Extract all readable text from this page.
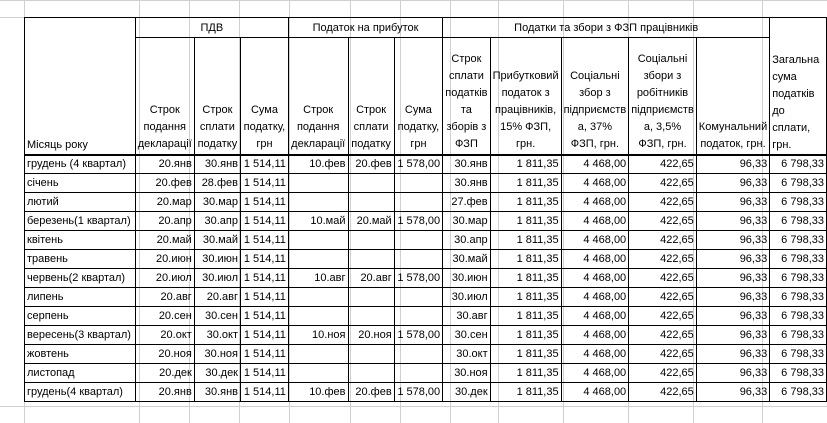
Місяць року	ПДВ			Податок на прибуток			Податки та збори з ФЗП працівників					Загальна сума податків до сплати, грн.
	Строк подання декларації	Строк сплати податку	Сума податку, грн	Строк подання декларації	Строк сплати податку	Сума податку, грн	Строк сплати податків та зборів з ФЗП	Прибутковий податок з працівників, 15% ФЗП, грн.	Соціальні збор з підприємств а, 37% ФЗП, грн.	Соціальні збори з робітників підприємств а, 3,5% ФЗП, грн.	Комунальний податок, грн.	
грудень (4 квартал)	20.янв	30.янв	1 514,11	10.фев	20.фев	1 578,00	30.янв	1 811,35	4 468,00	422,65	96,33	6 798,33
січень	20.фев	28.фев	1 514,11				30.янв	1 811,35	4 468,00	422,65	96,33	6 798,33
лютий	20.мар	30.мар	1 514,11				27.фев	1 811,35	4 468,00	422,65	96,33	6 798,33
березень(1 квартал)	20.апр	30.апр	1 514,11	10.май	20.май	1 578,00	30.мар	1 811,35	4 468,00	422,65	96,33	6 798,33
квітень	20.май	30.май	1 514,11				30.апр	1 811,35	4 468,00	422,65	96,33	6 798,33
травень	20.июн	30.июн	1 514,11				30.май	1 811,35	4 468,00	422,65	96,33	6 798,33
червень(2 квартал)	20.июл	30.июл	1 514,11	10.авг	20.авг	1 578,00	30.июн	1 811,35	4 468,00	422,65	96,33	6 798,33
липень	20.авг	20.авг	1 514,11				30.июл	1 811,35	4 468,00	422,65	96,33	6 798,33
серпень	20.сен	30.сен	1 514,11				30.авг	1 811,35	4 468,00	422,65	96,33	6 798,33
вересень(3 квартал)	20.окт	30.окт	1 514,11	10.ноя	20.ноя	1 578,00	30.сен	1 811,35	4 468,00	422,65	96,33	6 798,33
жовтень	20.ноя	30.ноя	1 514,11				30.окт	1 811,35	4 468,00	422,65	96,33	6 798,33
листопад	20.дек	30.дек	1 514,11				30.ноя	1 811,35	4 468,00	422,65	96,33	6 798,33
грудень(4 квартал)	20.янв	30.янв	1 514,11	10.фев	20.фев	1 578,00	30.дек	1 811,35	4 468,00	422,65	96,33	6 798,33
